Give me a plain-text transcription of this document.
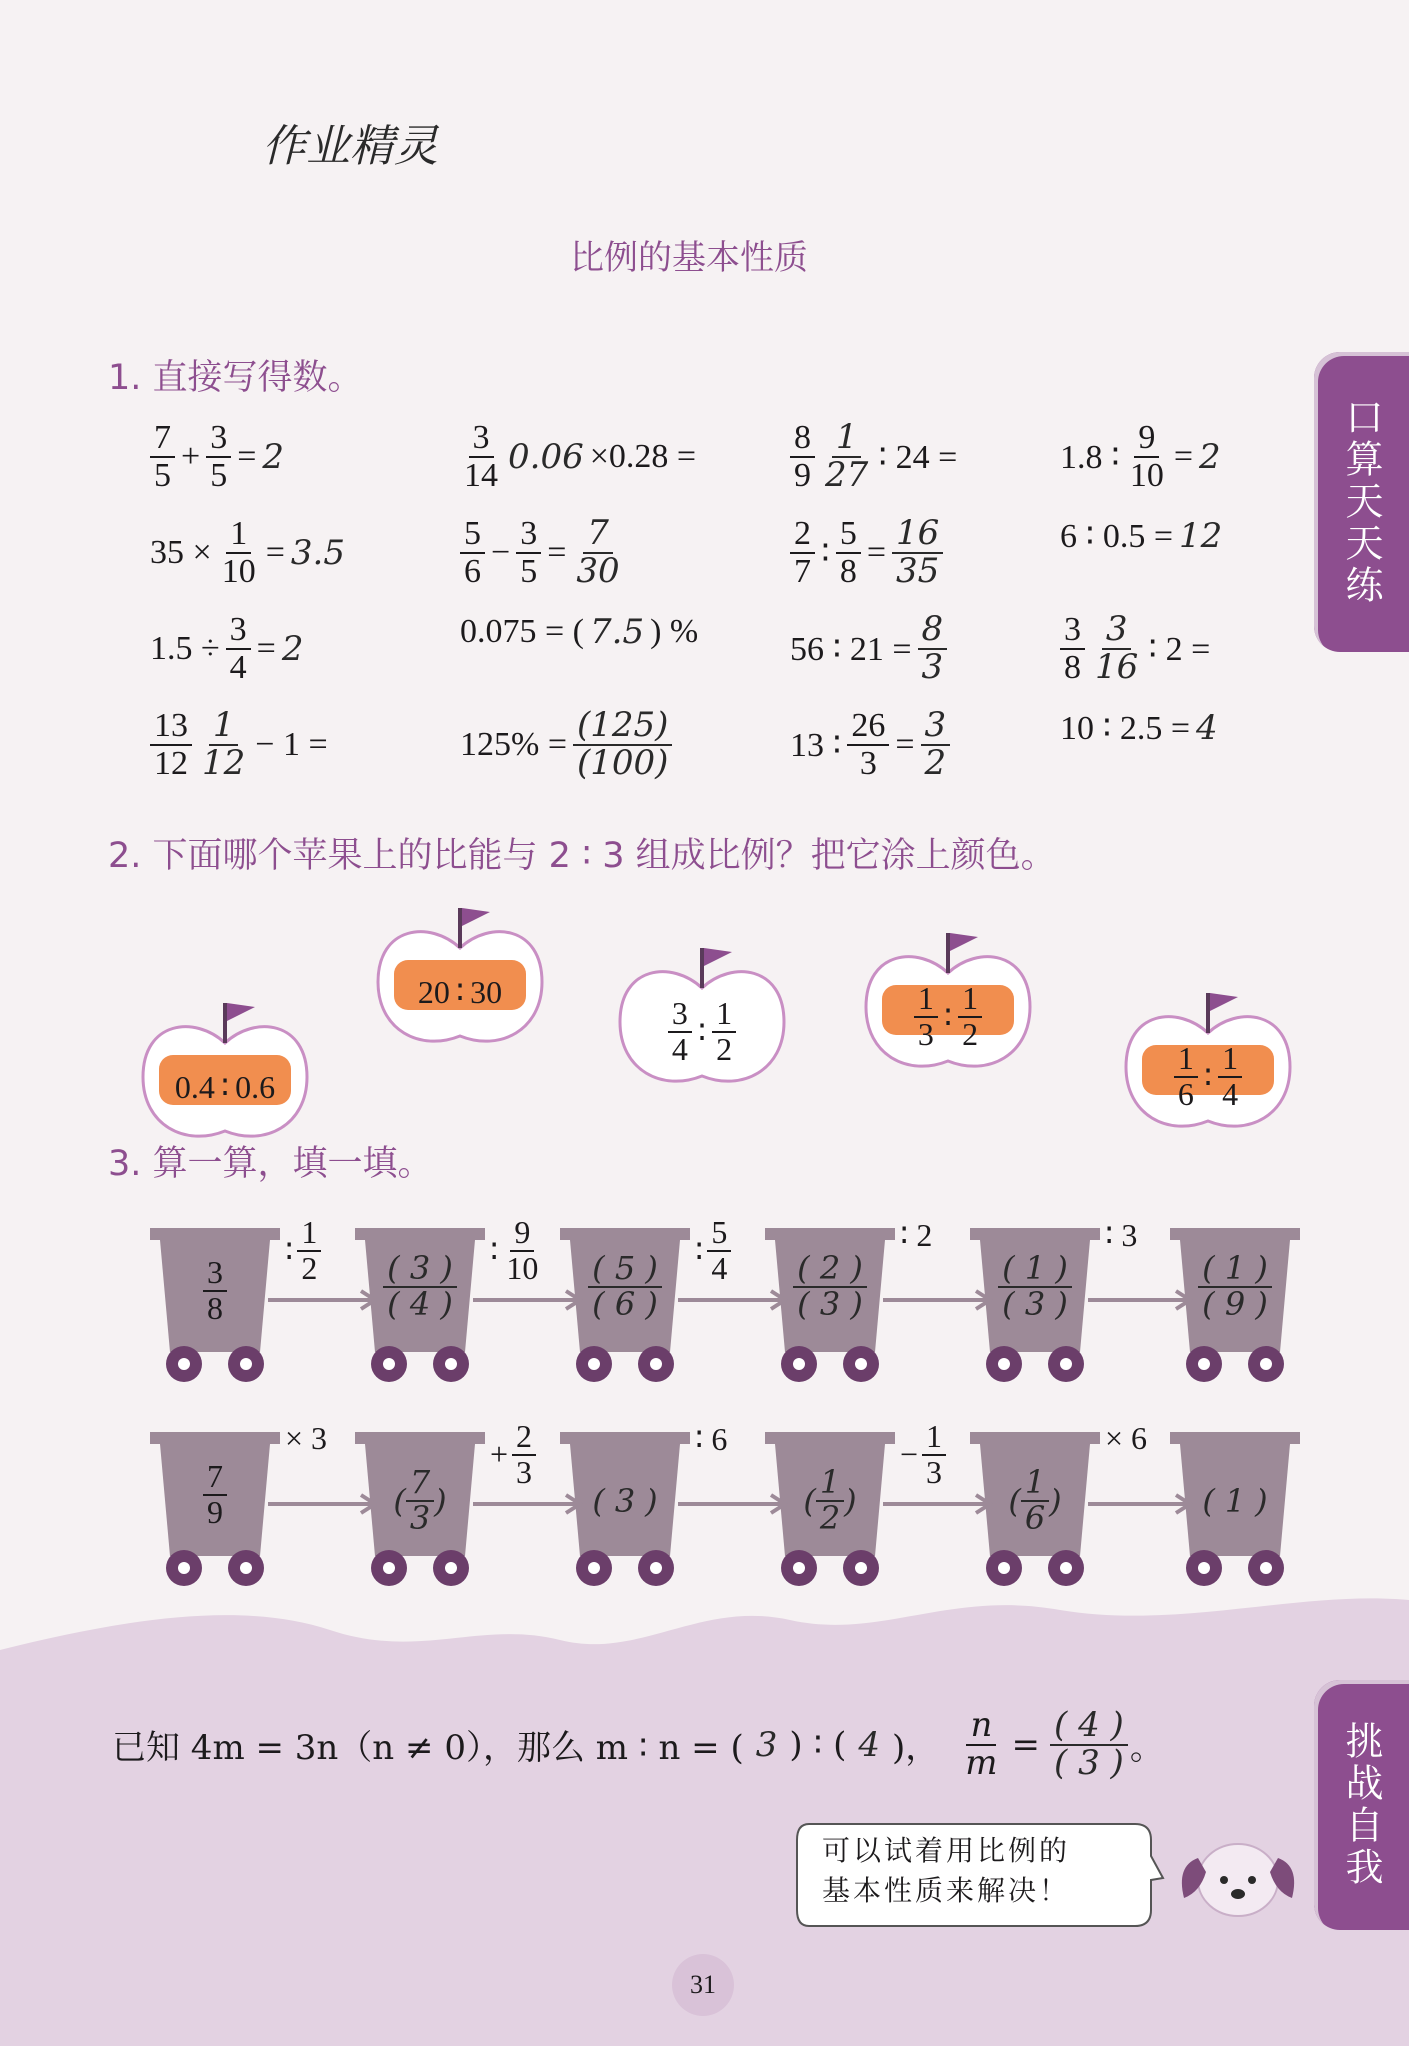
作业精灵
比例的基本性质
口算天天练
挑战自我
1. 直接写得数。
$\frac{7}{5} + \frac{3}{5} = 2$	$\frac{3}{14} 0.06 \times 0.28$ =	$\frac{8}{9} \frac{1}{27}$ ∶ 24 =	1.8 ∶ $\frac{9}{10} = 2$
$35 \times \frac{1}{10} = 3.5$	$\frac{5}{6} - \frac{3}{5} = \frac{7}{30}$	$\frac{2}{7}$ ∶ $\frac{5}{8} = \frac{16}{35}$	6 ∶ 0.5 = 12
$1.5 \div \frac{3}{4} = 2$	0.075 = ( 7.5 ) %	56 ∶ $21 = \frac{8}{3}$	$\frac{3}{8} \frac{3}{16}$ ∶ 2 =
$\frac{13}{12} \frac{1}{12} - 1$ =	$125\% = \frac{(125)}{(100)}$	13 ∶ $\frac{26}{3} = \frac{3}{2}$	10 ∶ 2.5 = 4
2. 下面哪个苹果上的比能与 2 ∶ 3 组成比例？把它涂上颜色。
0.4 ∶ 0.6
20 ∶ 30
$\frac{3}{4}$ ∶ $\frac{1}{2}$	$\frac{1}{3}$ ∶ $\frac{1}{2}$
$\frac{1}{6}$ ∶ $\frac{1}{4}$
3. 算一算，填一填。
$\frac{3}{8}$
∶ $\frac{1}{2}$	∶ $\frac{9}{10}$	∶ $\frac{5}{4}$	∶ 2	∶ 3
$\frac{( 3 )}{( 4 )}$	$\frac{( 5 )}{( 6 )}$	$\frac{( 2 )}{( 3 )}$	$\frac{( 1 )}{( 3 )}$	$\frac{( 1 )}{( 9 )}$
$\frac{7}{9}$
× 3	+ $\frac{2}{3}$	∶ 6	− $\frac{1}{3}$	× 6
( $\frac{7}{3}$ )	( 3 )	( $\frac{1}{2}$ )	( $\frac{1}{6}$ )	( 1 )
已知 4m = 3n（n ≠ 0），那么 m ∶ n = ( 3 ) ∶ ( 4 )， $\frac{n}{m} = \frac{( 4 )}{( 3 )}$ 。
可以试着用比例的
基本性质来解决！
31
